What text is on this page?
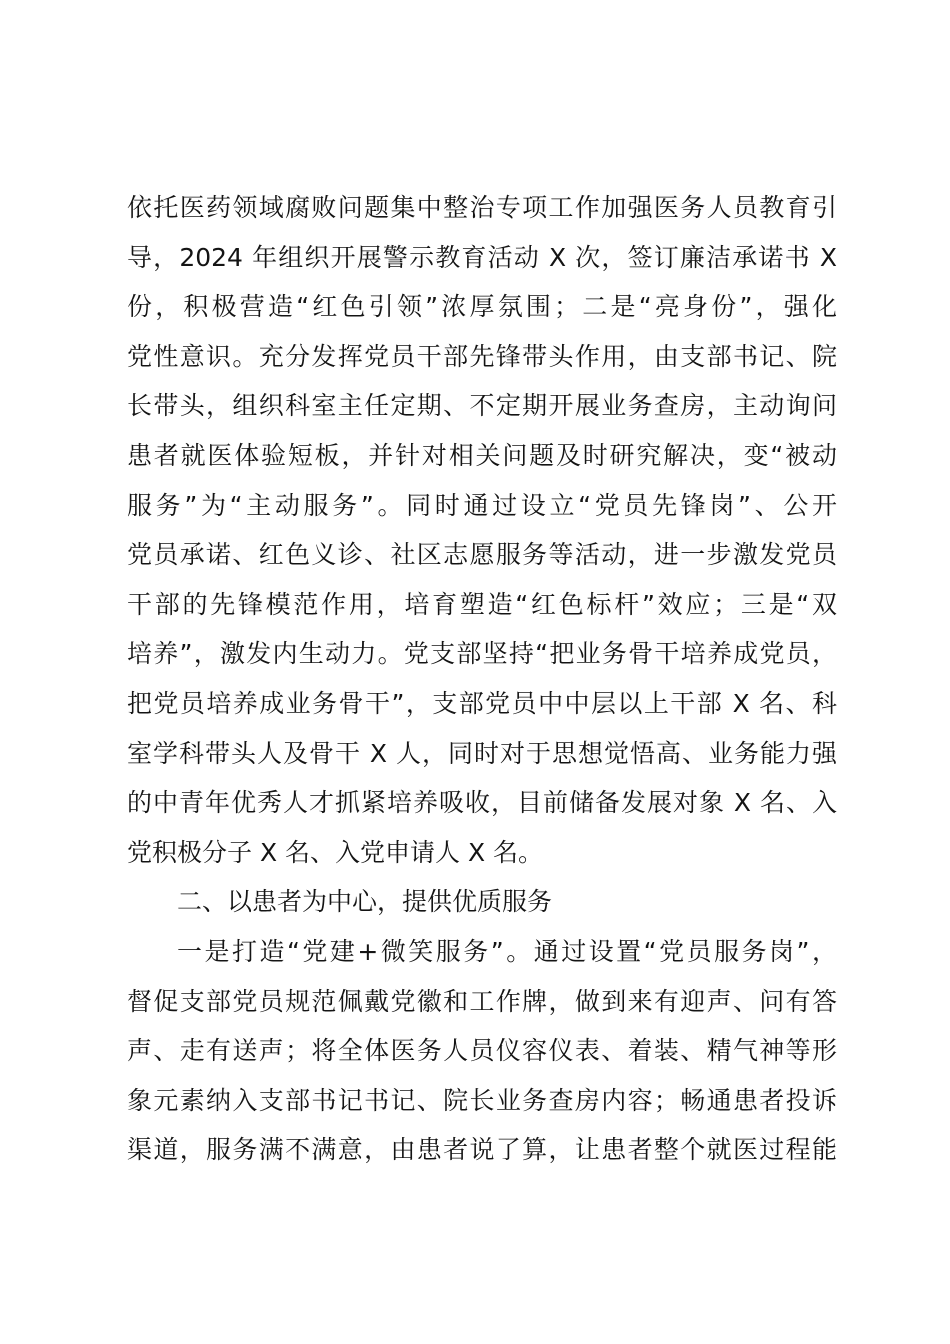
依托医药领域腐败问题集中整治专项工作加强医务人员教育引
导，2024 年组织开展警示教育活动 X 次，签订廉洁承诺书 X
份，积极营造“红色引领”浓厚氛围；二是“亮身份”，强化
党性意识。充分发挥党员干部先锋带头作用，由支部书记、院
长带头，组织科室主任定期、不定期开展业务查房，主动询问
患者就医体验短板，并针对相关问题及时研究解决，变“被动
服务”为“主动服务”。同时通过设立“党员先锋岗”、公开
党员承诺、红色义诊、社区志愿服务等活动，进一步激发党员
干部的先锋模范作用，培育塑造“红色标杆”效应；三是“双
培养”，激发内生动力。党支部坚持“把业务骨干培养成党员，
把党员培养成业务骨干”，支部党员中中层以上干部 X 名、科
室学科带头人及骨干 X 人，同时对于思想觉悟高、业务能力强
的中青年优秀人才抓紧培养吸收，目前储备发展对象 X 名、入
党积极分子 X 名、入党申请人 X 名。
二、以患者为中心，提供优质服务
一是打造“党建+微笑服务”。通过设置“党员服务岗”，
督促支部党员规范佩戴党徽和工作牌，做到来有迎声、问有答
声、走有送声；将全体医务人员仪容仪表、着装、精气神等形
象元素纳入支部书记书记、院长业务查房内容；畅通患者投诉
渠道，服务满不满意，由患者说了算，让患者整个就医过程能
